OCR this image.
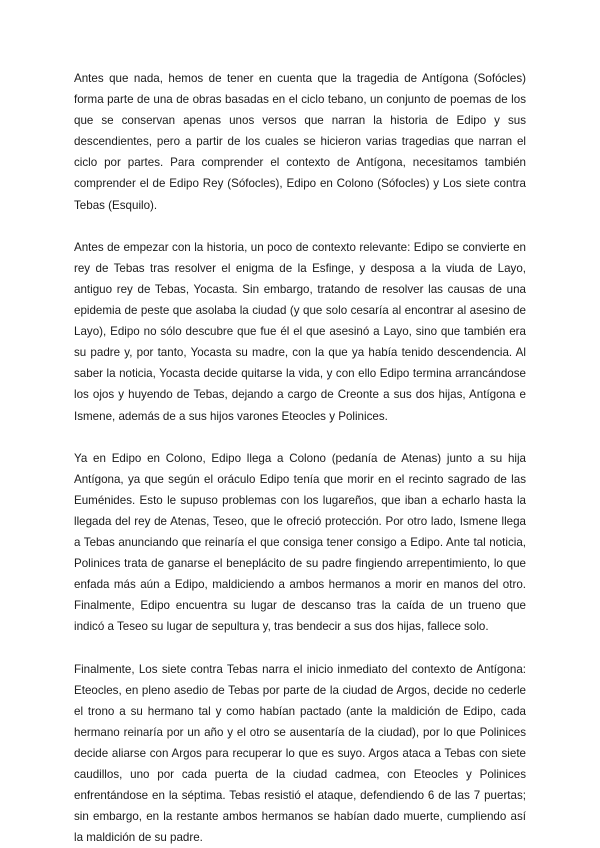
Antes que nada, hemos de tener en cuenta que la tragedia de Antígona (Sofócles) forma parte de una de obras basadas en el ciclo tebano, un conjunto de poemas de los que se conservan apenas unos versos que narran la historia de Edipo y sus descendientes, pero a partir de los cuales se hicieron varias tragedias que narran el ciclo por partes. Para comprender el contexto de Antígona, necesitamos también comprender el de Edipo Rey (Sófocles), Edipo en Colono (Sófocles) y Los siete contra Tebas (Esquilo).

Antes de empezar con la historia, un poco de contexto relevante: Edipo se convierte en rey de Tebas tras resolver el enigma de la Esfinge, y desposa a la viuda de Layo, antiguo rey de Tebas, Yocasta. Sin embargo, tratando de resolver las causas de una epidemia de peste que asolaba la ciudad (y que solo cesaría al encontrar al asesino de Layo), Edipo no sólo descubre que fue él el que asesinó a Layo, sino que también era su padre y, por tanto, Yocasta su madre, con la que ya había tenido descendencia. Al saber la noticia, Yocasta decide quitarse la vida, y con ello Edipo termina arrancándose los ojos y huyendo de Tebas, dejando a cargo de Creonte a sus dos hijas, Antígona e Ismene, además de a sus hijos varones Eteocles y Polinices.

Ya en Edipo en Colono, Edipo llega a Colono (pedanía de Atenas) junto a su hija Antígona, ya que según el oráculo Edipo tenía que morir en el recinto sagrado de las Euménides. Esto le supuso problemas con los lugareños, que iban a echarlo hasta la llegada del rey de Atenas, Teseo, que le ofreció protección. Por otro lado, Ismene llega a Tebas anunciando que reinaría el que consiga tener consigo a Edipo. Ante tal noticia, Polinices trata de ganarse el beneplácito de su padre fingiendo arrepentimiento, lo que enfada más aún a Edipo, maldiciendo a ambos hermanos a morir en manos del otro. Finalmente, Edipo encuentra su lugar de descanso tras la caída de un trueno que indicó a Teseo su lugar de sepultura y, tras bendecir a sus dos hijas, fallece solo.

Finalmente, Los siete contra Tebas narra el inicio inmediato del contexto de Antígona: Eteocles, en pleno asedio de Tebas por parte de la ciudad de Argos, decide no cederle el trono a su hermano tal y como habían pactado (ante la maldición de Edipo, cada hermano reinaría por un año y el otro se ausentaría de la ciudad), por lo que Polinices decide aliarse con Argos para recuperar lo que es suyo. Argos ataca a Tebas con siete caudillos, uno por cada puerta de la ciudad cadmea, con Eteocles y Polinices enfrentándose en la séptima. Tebas resistió el ataque, defendiendo 6 de las 7 puertas; sin embargo, en la restante ambos hermanos se habían dado muerte, cumpliendo así la maldición de su padre.
